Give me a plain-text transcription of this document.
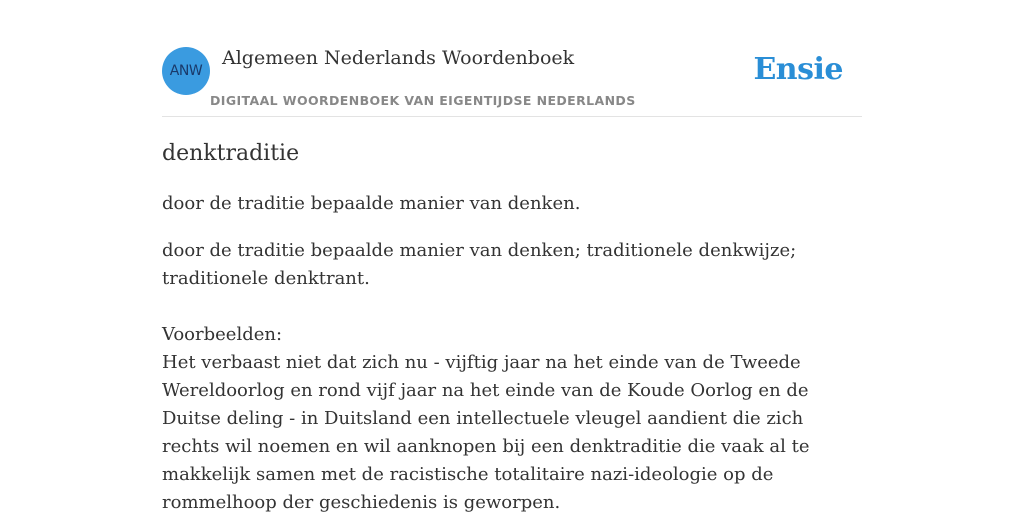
ANW
Algemeen Nederlands Woordenboek
DIGITAAL WOORDENBOEK VAN EIGENTIJDSE NEDERLANDS
Ensie
denktraditie

door de traditie bepaalde manier van denken.

door de traditie bepaalde manier van denken; traditionele denkwijze; traditionele denktrant.
Voorbeelden:
Het verbaast niet dat zich nu - vijftig jaar na het einde van de Tweede Wereldoorlog en rond vijf jaar na het einde van de Koude Oorlog en de Duitse deling - in Duitsland een intellectuele vleugel aandient die zich rechts wil noemen en wil aanknopen bij een denktraditie die vaak al te makkelijk samen met de racistische totalitaire nazi-ideologie op de rommelhoop der geschiedenis is geworpen.
